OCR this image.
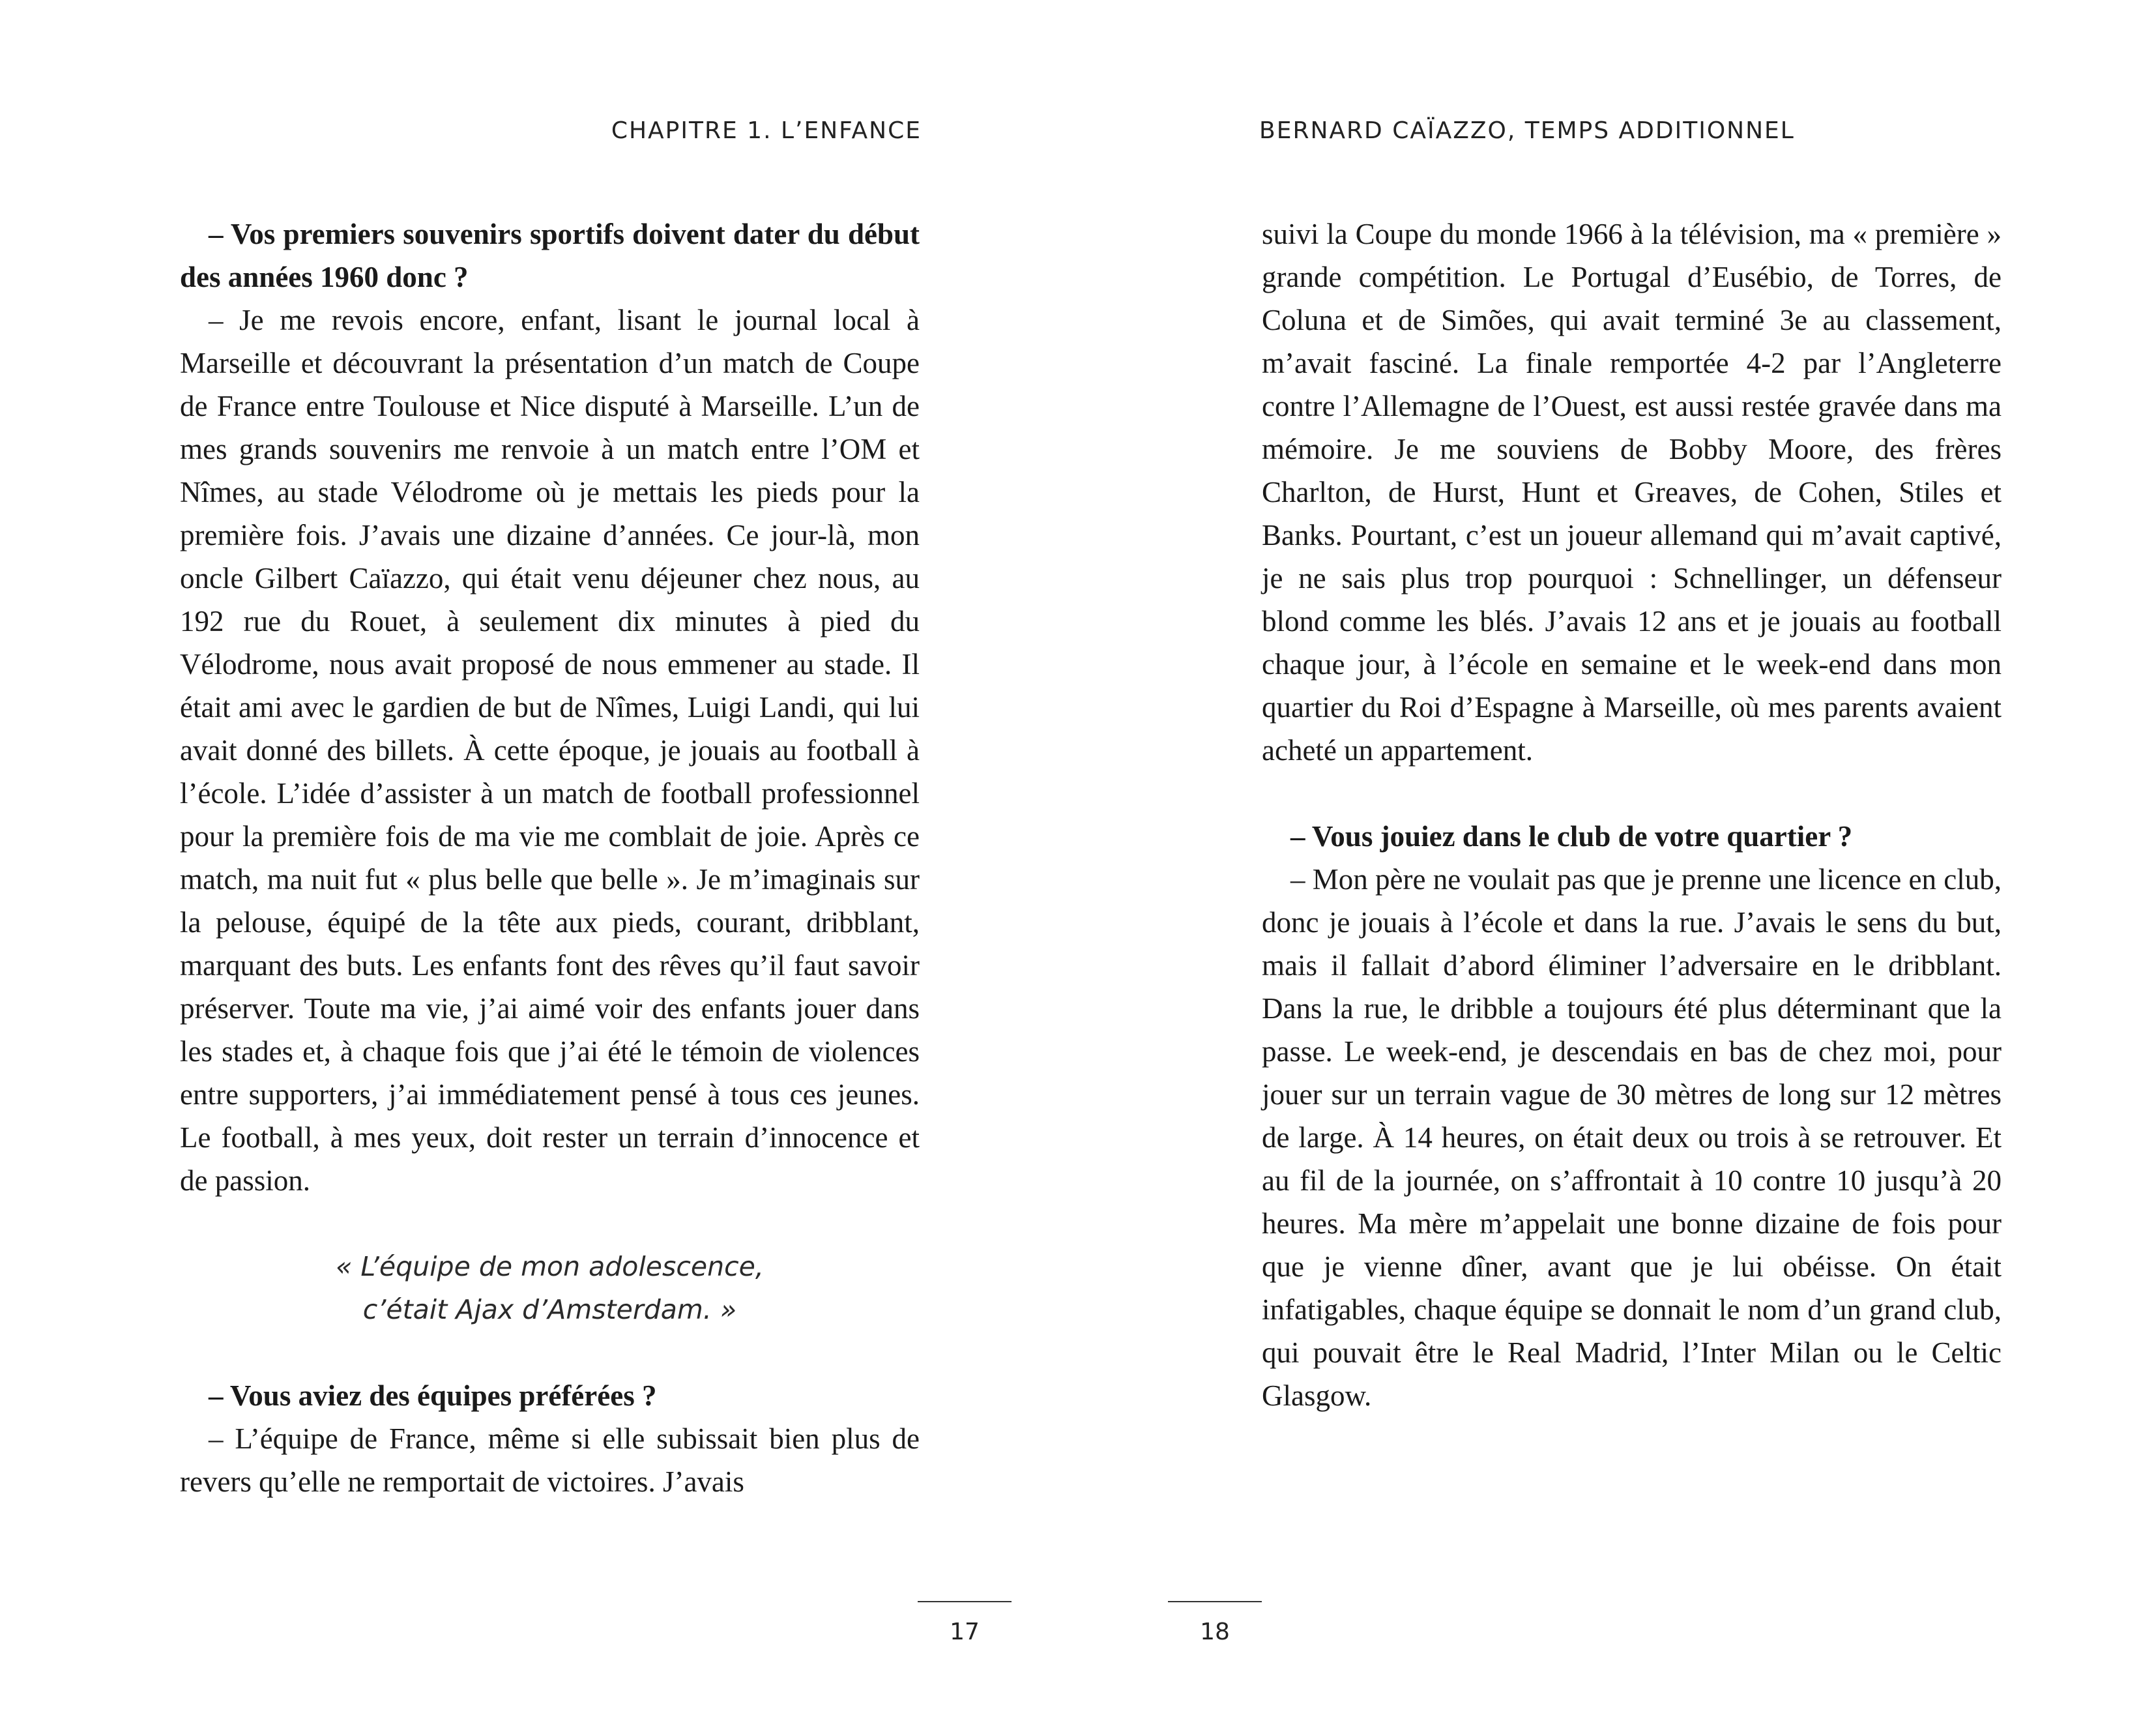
CHAPITRE 1. L’ENFANCE

– Vos premiers souvenirs sportifs doivent dater du début des années 1960 donc ?

– Je me revois encore, enfant, lisant le journal local à Marseille et découvrant la présentation d’un match de Coupe de France entre Toulouse et Nice disputé à Marseille. L’un de mes grands souvenirs me renvoie à un match entre l’OM et Nîmes, au stade Vélodrome où je mettais les pieds pour la première fois. J’avais une dizaine d’années. Ce jour-là, mon oncle Gilbert Caïazzo, qui était venu déjeuner chez nous, au 192 rue du Rouet, à seulement dix minutes à pied du Vélodrome, nous avait proposé de nous emmener au stade. Il était ami avec le gardien de but de Nîmes, Luigi Landi, qui lui avait donné des billets. À cette époque, je jouais au football à l’école. L’idée d’assister à un match de football professionnel pour la première fois de ma vie me comblait de joie. Après ce match, ma nuit fut « plus belle que belle ». Je m’imaginais sur la pelouse, équipé de la tête aux pieds, courant, dribblant, marquant des buts. Les enfants font des rêves qu’il faut savoir préserver. Toute ma vie, j’ai aimé voir des enfants jouer dans les stades et, à chaque fois que j’ai été le témoin de violences entre supporters, j’ai immédiatement pensé à tous ces jeunes. Le football, à mes yeux, doit rester un terrain d’innocence et de passion.

« L’équipe de mon adolescence,
c’était Ajax d’Amsterdam. »

– Vous aviez des équipes préférées ?

– L’équipe de France, même si elle subissait bien plus de revers qu’elle ne remportait de victoires. J’avais

17
BERNARD CAÏAZZO, TEMPS ADDITIONNEL

suivi la Coupe du monde 1966 à la télévision, ma « première » grande compétition. Le Portugal d’Eusébio, de Torres, de Coluna et de Simões, qui avait terminé 3e au classement, m’avait fasciné. La finale remportée 4-2 par l’Angleterre contre l’Allemagne de l’Ouest, est aussi restée gravée dans ma mémoire. Je me souviens de Bobby Moore, des frères Charlton, de Hurst, Hunt et Greaves, de Cohen, Stiles et Banks. Pourtant, c’est un joueur allemand qui m’avait captivé, je ne sais plus trop pourquoi : Schnellinger, un défenseur blond comme les blés. J’avais 12 ans et je jouais au football chaque jour, à l’école en semaine et le week-end dans mon quartier du Roi d’Espagne à Marseille, où mes parents avaient acheté un appartement.

– Vous jouiez dans le club de votre quartier ?

– Mon père ne voulait pas que je prenne une licence en club, donc je jouais à l’école et dans la rue. J’avais le sens du but, mais il fallait d’abord éliminer l’adversaire en le dribblant. Dans la rue, le dribble a toujours été plus déterminant que la passe. Le week-end, je descendais en bas de chez moi, pour jouer sur un terrain vague de 30 mètres de long sur 12 mètres de large. À 14 heures, on était deux ou trois à se retrouver. Et au fil de la journée, on s’affrontait à 10 contre 10 jusqu’à 20 heures. Ma mère m’appelait une bonne dizaine de fois pour que je vienne dîner, avant que je lui obéisse. On était infatigables, chaque équipe se donnait le nom d’un grand club, qui pouvait être le Real Madrid, l’Inter Milan ou le Celtic Glasgow.

18
